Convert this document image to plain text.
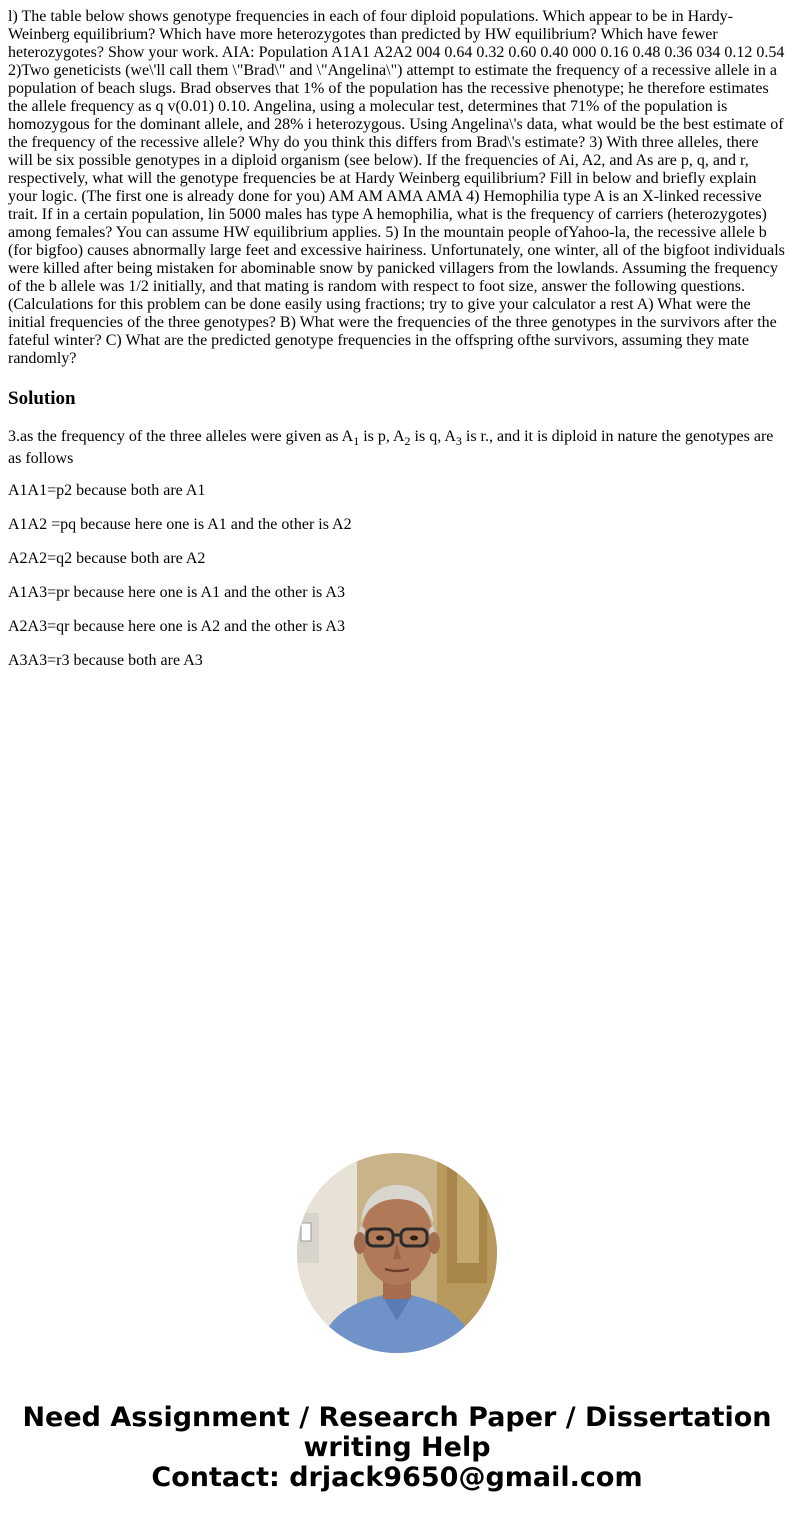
l) The table below shows genotype frequencies in each of four diploid populations. Which appear to be in Hardy-Weinberg equilibrium? Which have more heterozygotes than predicted by HW equilibrium? Which have fewer heterozygotes? Show your work. AIA: Population A1A1 A2A2 004 0.64 0.32 0.60 0.40 000 0.16 0.48 0.36 034 0.12 0.54 2)Two geneticists (we\'ll call them \"Brad\" and \"Angelina\") attempt to estimate the frequency of a recessive allele in a population of beach slugs. Brad observes that 1% of the population has the recessive phenotype; he therefore estimates the allele frequency as q v(0.01) 0.10. Angelina, using a molecular test, determines that 71% of the population is homozygous for the dominant allele, and 28% i heterozygous. Using Angelina\'s data, what would be the best estimate of the frequency of the recessive allele? Why do you think this differs from Brad\'s estimate? 3) With three alleles, there will be six possible genotypes in a diploid organism (see below). If the frequencies of Ai, A2, and As are p, q, and r, respectively, what will the genotype frequencies be at Hardy Weinberg equilibrium? Fill in below and briefly explain your logic. (The first one is already done for you) AM AM AMA AMA 4) Hemophilia type A is an X-linked recessive trait. If in a certain population, lin 5000 males has type A hemophilia, what is the frequency of carriers (heterozygotes) among females? You can assume HW equilibrium applies. 5) In the mountain people ofYahoo-la, the recessive allele b (for bigfoo) causes abnormally large feet and excessive hairiness. Unfortunately, one winter, all of the bigfoot individuals were killed after being mistaken for abominable snow by panicked villagers from the lowlands. Assuming the frequency of the b allele was 1/2 initially, and that mating is random with respect to foot size, answer the following questions. (Calculations for this problem can be done easily using fractions; try to give your calculator a rest A) What were the initial frequencies of the three genotypes? B) What were the frequencies of the three genotypes in the survivors after the fateful winter? C) What are the predicted genotype frequencies in the offspring ofthe survivors, assuming they mate randomly?

Solution

3.as the frequency of the three alleles were given as $A_1$ is p, $A_2$ is q, $A_3$ is r., and it is diploid in nature the genotypes are as follows

A1A1=p2 because both are A1

A1A2 =pq because here one is A1 and the other is A2

A2A2=q2 because both are A2

A1A3=pr because here one is A1 and the other is A3

A2A3=qr because here one is A2 and the other is A3

A3A3=r3 because both are A3

Need Assignment / Research Paper / Dissertation
writing Help
Contact: drjack9650@gmail.com
